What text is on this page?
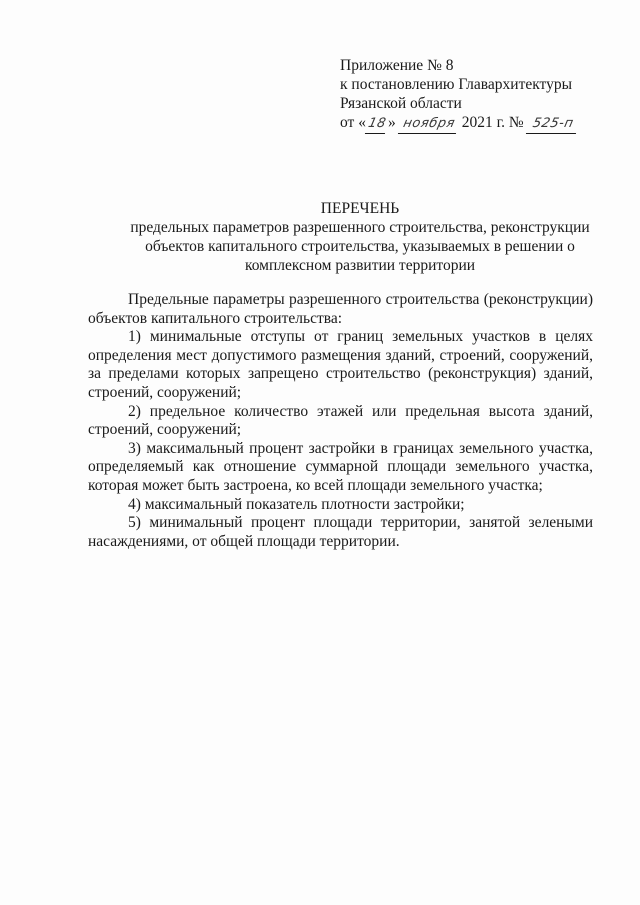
Приложение № 8
к постановлению Главархитектуры
Рязанской области
от « 18 » ноября 2021 г. № 525-п
ПЕРЕЧЕНЬ
предельных параметров разрешенного строительства, реконструкции
объектов капитального строительства, указываемых в решении о
комплексном развитии территории

Предельные параметры разрешенного строительства (реконструкции) объектов капитального строительства:

1) минимальные отступы от границ земельных участков в целях определения мест допустимого размещения зданий, строений, сооружений, за пределами которых запрещено строительство (реконструкция) зданий, строений, сооружений;

2) предельное количество этажей или предельная высота зданий, строений, сооружений;

3) максимальный процент застройки в границах земельного участка, определяемый как отношение суммарной площади земельного участка, которая может быть застроена, ко всей площади земельного участка;

4) максимальный показатель плотности застройки;

5) минимальный процент площади территории, занятой зелеными насаждениями, от общей площади территории.
